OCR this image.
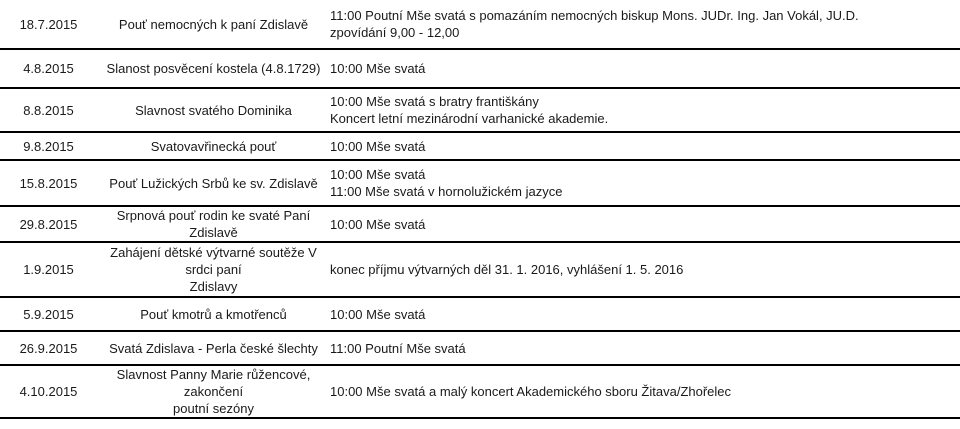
18.7.2015	Pouť nemocných k paní Zdislavě	11:00 Poutní Mše svatá s pomazáním nemocných biskup Mons. JUDr. Ing. Jan Vokál, JU.D.
zpovídání 9,00 - 12,00

4.8.2015	Slanost posvěcení kostela (4.8.1729)	10:00 Mše svatá

8.8.2015	Slavnost svatého Dominika	10:00 Mše svatá s bratry františkány
Koncert letní mezinárodní varhanické akademie.

9.8.2015	Svatovavřinecká pouť	10:00 Mše svatá

15.8.2015	Pouť Lužických Srbů ke sv. Zdislavě	10:00 Mše svatá
11:00 Mše svatá v hornolužickém jazyce

29.8.2015	Srpnová pouť rodin ke svaté Paní Zdislavě	10:00 Mše svatá

1.9.2015	Zahájení dětské výtvarné soutěže V srdci paní
Zdislavy	konec příjmu výtvarných děl 31. 1. 2016, vyhlášení 1. 5. 2016

5.9.2015	Pouť kmotrů a kmotřenců	10:00 Mše svatá

26.9.2015	Svatá Zdislava - Perla české šlechty	11:00 Poutní Mše svatá

4.10.2015	Slavnost Panny Marie růžencové, zakončení
poutní sezóny	10:00 Mše svatá a malý koncert Akademického sboru Žitava/Zhořelec
